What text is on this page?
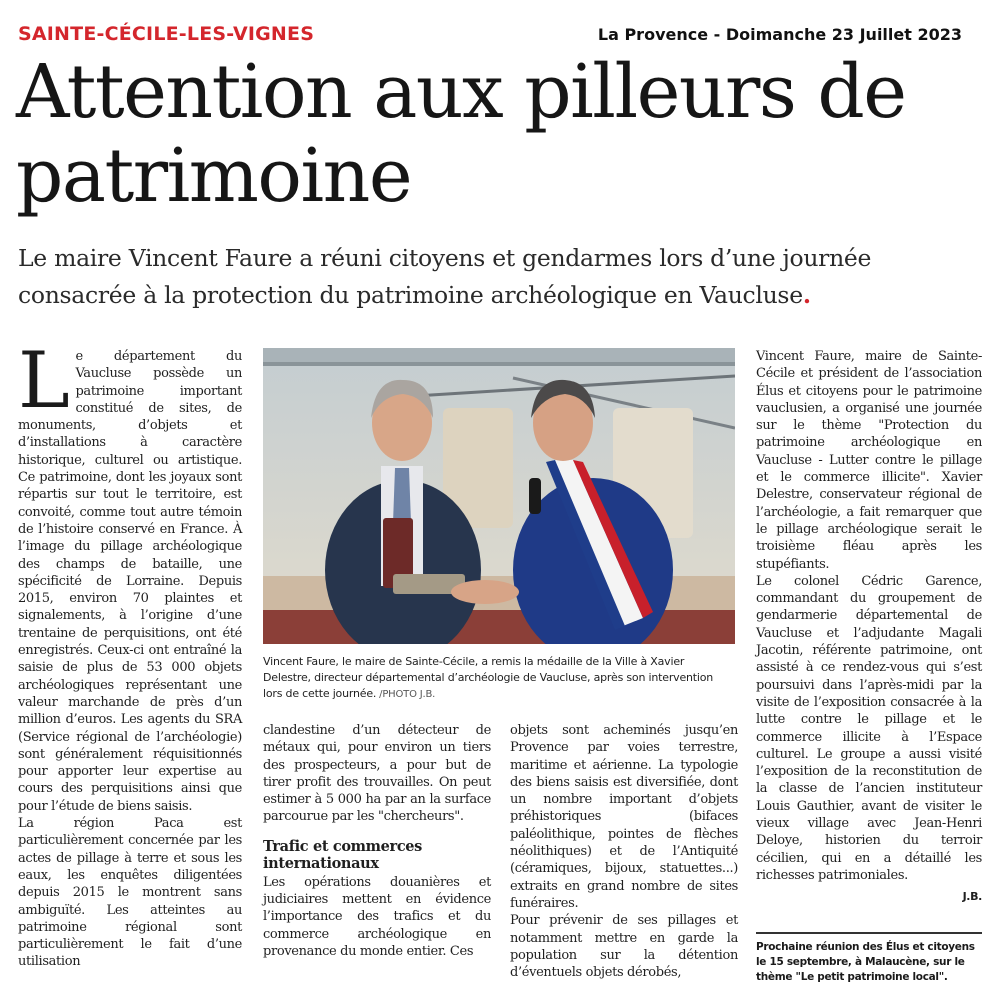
SAINTE-CÉCILE-LES-VIGNES	La Provence - Doimanche 23 Juillet 2023
Attention aux pilleurs de patrimoine
Le maire Vincent Faure a réuni citoyens et gendarmes lors d’une journée consacrée à la protection du patrimoine archéologique en Vaucluse.

Le département du Vaucluse possède un patrimoine important constitué de sites, de monuments, d’objets et d’installations à caractère historique, culturel ou artistique. Ce patrimoine, dont les joyaux sont répartis sur tout le territoire, est convoité, comme tout autre témoin de l’histoire conservé en France. À l’image du pillage archéologique des champs de bataille, une spécificité de Lorraine. Depuis 2015, environ 70 plaintes et signalements, à l’origine d’une trentaine de perquisitions, ont été enregistrés. Ceux-ci ont entraîné la saisie de plus de 53 000 objets archéologiques représentant une valeur marchande de près d’un million d’euros. Les agents du SRA (Service régional de l’archéologie) sont généralement réquisitionnés pour apporter leur expertise au cours des perquisitions ainsi que pour l’étude de biens saisis.

La région Paca est particulièrement concernée par les actes de pillage à terre et sous les eaux, les enquêtes diligentées depuis 2015 le montrent sans ambiguïté. Les atteintes au patrimoine régional sont particulièrement le fait d’une utilisation

Vincent Faure, le maire de Sainte-Cécile, a remis la médaille de la Ville à Xavier Delestre, directeur départemental d’archéologie de Vaucluse, après son intervention lors de cette journée. /PHOTO J.B.

clandestine d’un détecteur de métaux qui, pour environ un tiers des prospecteurs, a pour but de tirer profit des trouvailles. On peut estimer à 5 000 ha par an la surface parcourue par les "chercheurs".

Trafic et commerces internationaux

Les opérations douanières et judiciaires mettent en évidence l’importance des trafics et du commerce archéologique en provenance du monde entier. Ces

objets sont acheminés jusqu’en Provence par voies terrestre, maritime et aérienne. La typologie des biens saisis est diversifiée, dont un nombre important d’objets préhistoriques (bifaces paléolithique, pointes de flèches néolithiques) et de l’Antiquité (céramiques, bijoux, statuettes...) extraits en grand nombre de sites funéraires.

Pour prévenir de ses pillages et notamment mettre en garde la population sur la détention d’éventuels objets dérobés,

Vincent Faure, maire de Sainte-Cécile et président de l’association Élus et citoyens pour le patrimoine vauclusien, a organisé une journée sur le thème "Protection du patrimoine archéologique en Vaucluse - Lutter contre le pillage et le commerce illicite". Xavier Delestre, conservateur régional de l’archéologie, a fait remarquer que le pillage archéologique serait le troisième fléau après les stupéfiants.

Le colonel Cédric Garence, commandant du groupement de gendarmerie départemental de Vaucluse et l’adjudante Magali Jacotin, référente patrimoine, ont assisté à ce rendez-vous qui s’est poursuivi dans l’après-midi par la visite de l’exposition consacrée à la lutte contre le pillage et le commerce illicite à l’Espace culturel. Le groupe a aussi visité l’exposition de la reconstitution de la classe de l’ancien instituteur Louis Gauthier, avant de visiter le vieux village avec Jean-Henri Deloye, historien du terroir cécilien, qui en a détaillé les richesses patrimoniales.

J.B.
Prochaine réunion des Élus et citoyens le 15 septembre, à Malaucène, sur le thème "Le petit patrimoine local".
